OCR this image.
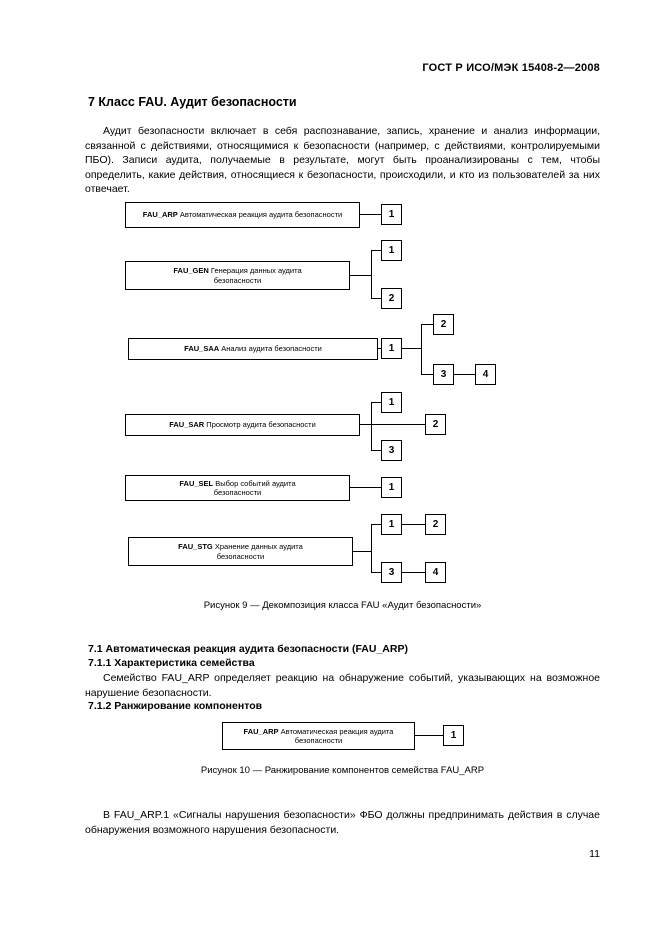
ГОСТ Р ИСО/МЭК 15408-2—2008
7 Класс FAU. Аудит безопасности
Аудит безопасности включает в себя распознавание, запись, хранение и анализ информации, связанной с действиями, относящимися к безопасности (например, с действиями, контролируемыми ПБО). Записи аудита, получаемые в результате, могут быть проанализированы с тем, чтобы определить, какие действия, относящиеся к безопасности, происходили, и кто из пользователей за них отвечает.
FAU_ARP Автоматическая реакция аудита безопасности	1
FAU_GEN Генерация данных аудита безопасности
1
2
FAU_SAA Анализ аудита безопасности	1
2
3	4
FAU_SAR Просмотр аудита безопасности
1
2
3
FAU_SEL Выбор событий аудита безопасности	1
FAU_STG Хранение данных аудита безопасности
1	2
3	4
Рисунок 9 — Декомпозиция класса FAU «Аудит безопасности»
7.1 Автоматическая реакция аудита безопасности (FAU_ARP)
7.1.1 Характеристика семейства
Семейство FAU_ARP определяет реакцию на обнаружение событий, указывающих на возможное нарушение безопасности.
7.1.2 Ранжирование компонентов
FAU_ARP Автоматическая реакция аудита безопасности	1
Рисунок 10 — Ранжирование компонентов семейства FAU_ARP
В FAU_ARP.1 «Сигналы нарушения безопасности» ФБО должны предпринимать действия в случае обнаружения возможного нарушения безопасности.
11
